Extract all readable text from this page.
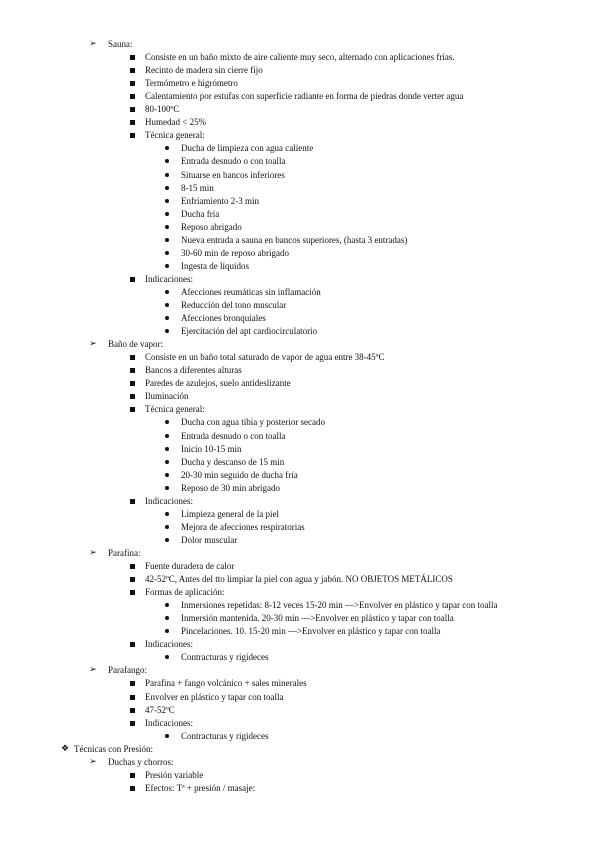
➢	Sauna:
Consiste en un baño mixto de aire caliente muy seco, alternado con aplicaciones frías.
Recinto de madera sin cierre fijo
Termómetro e higrómetro
Calentamiento por estufas con superficie radiante en forma de piedras donde verter agua
80-100ºC
Humedad < 25%
Técnica general:
Ducha de limpieza con agua caliente
Entrada desnudo o con toalla
Situarse en bancos inferiores
8-15 min
Enfriamiento 2-3 min
Ducha fría
Reposo abrigado
Nueva entrada a sauna en bancos superiores, (hasta 3 entradas)
30-60 min de reposo abrigado
Ingesta de líquidos
Indicaciones:
Afecciones reumáticas sin inflamación
Reducción del tono muscular
Afecciones bronquiales
Ejercitación del apt cardiocirculatorio
➢	Baño de vapor:
Consiste en un baño total saturado de vapor de agua entre 38-45ºC
Bancos a diferentes alturas
Paredes de azulejos, suelo antideslizante
Iluminación
Técnica general:
Ducha con agua tibia y posterior secado
Entrada desnudo o con toalla
Inicio 10-15 min
Ducha y descanso de 15 min
20-30 min seguido de ducha fría
Reposo de 30 min abrigado
Indicaciones:
Limpieza general de la piel
Mejora de afecciones respiratorias
Dolor muscular
➢	Parafina:
Fuente duradera de calor
42-52ºC, Antes del tto limpiar la piel con agua y jabón. NO OBJETOS METÁLICOS
Formas de aplicación:
Inmersiones repetidas: 8-12 veces 15-20 min —>Envolver en plástico y tapar con toalla
Inmersión mantenida. 20-30 min —>Envolver en plástico y tapar con toalla
Pincelaciones. 10. 15-20 min —>Envolver en plástico y tapar con toalla
Indicaciones:
Contracturas y rigideces
➢	Parafango:
Parafina + fango volcánico + sales minerales
Envolver en plástico y tapar con toalla
47-52ºC
Indicaciones:
Contracturas y rigideces
❖ Técnicas con Presión:
➢	Duchas y chorros:
Presión variable
Efectos: Tª + presión / masaje:
